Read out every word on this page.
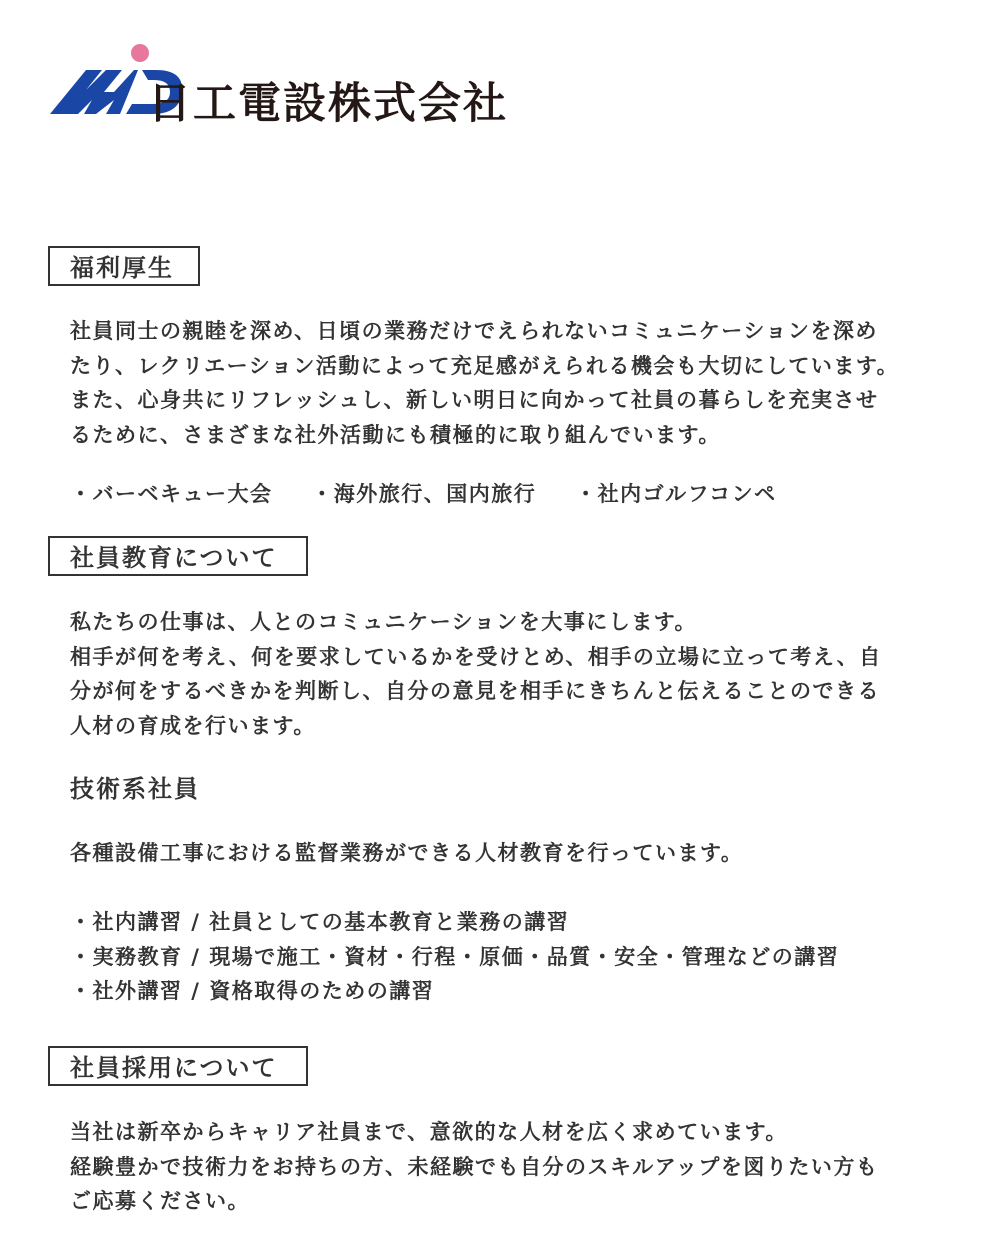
日工電設株式会社
福利厚生
社員同士の親睦を深め、日頃の業務だけでえられないコミュニケーションを深め
たり、レクリエーション活動によって充足感がえられる機会も大切にしています。
また、心身共にリフレッシュし、新しい明日に向かって社員の暮らしを充実させ
るために、さまざまな社外活動にも積極的に取り組んでいます。
・バーベキュー大会 ・海外旅行、国内旅行 ・社内ゴルフコンペ
社員教育について
私たちの仕事は、人とのコミュニケーションを大事にします。
相手が何を考え、何を要求しているかを受けとめ、相手の立場に立って考え、自
分が何をするべきかを判断し、自分の意見を相手にきちんと伝えることのできる
人材の育成を行います。
技術系社員
各種設備工事における監督業務ができる人材教育を行っています。
・社内講習 / 社員としての基本教育と業務の講習
・実務教育 / 現場で施工・資材・行程・原価・品質・安全・管理などの講習
・社外講習 / 資格取得のための講習
社員採用について
当社は新卒からキャリア社員まで、意欲的な人材を広く求めています。
経験豊かで技術力をお持ちの方、未経験でも自分のスキルアップを図りたい方も
ご応募ください。
